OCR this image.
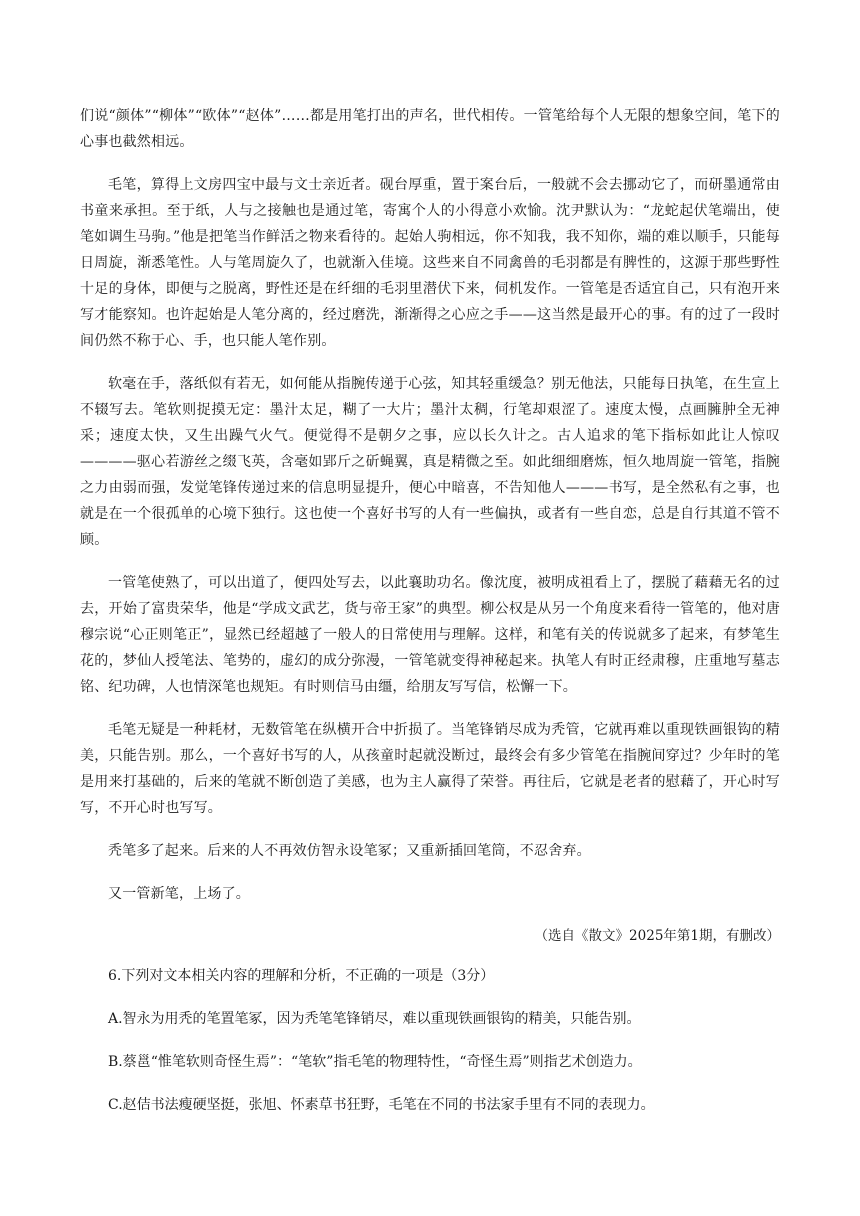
们说“颜体”“柳体”“欧体”“赵体”……都是用笔打出的声名，世代相传。一管笔给每个人无限的想象空间，笔下的心事也截然相远。

毛笔，算得上文房四宝中最与文士亲近者。砚台厚重，置于案台后，一般就不会去挪动它了，而研墨通常由书童来承担。至于纸，人与之接触也是通过笔，寄寓个人的小得意小欢愉。沈尹默认为：“龙蛇起伏笔端出，使笔如调生马驹。”他是把笔当作鲜活之物来看待的。起始人驹相远，你不知我，我不知你，端的难以顺手，只能每日周旋，渐悉笔性。人与笔周旋久了，也就渐入佳境。这些来自不同禽兽的毛羽都是有脾性的，这源于那些野性十足的身体，即便与之脱离，野性还是在纤细的毛羽里潜伏下来，伺机发作。一管笔是否适宜自己，只有泡开来写才能察知。也许起始是人笔分离的，经过磨洗，渐渐得之心应之手——这当然是最开心的事。有的过了一段时间仍然不称于心、手，也只能人笔作别。

软毫在手，落纸似有若无，如何能从指腕传递于心弦，知其轻重缓急？别无他法，只能每日执笔，在生宣上不辍写去。笔软则捉摸无定：墨汁太足，糊了一大片；墨汁太稠，行笔却艰涩了。速度太慢，点画臃肿全无神采；速度太快，又生出躁气火气。便觉得不是朝夕之事，应以长久计之。古人追求的笔下指标如此让人惊叹————驱心若游丝之缀飞英，含毫如郢斤之斫蝇翼，真是精微之至。如此细细磨炼，恒久地周旋一管笔，指腕之力由弱而强，发觉笔锋传递过来的信息明显提升，便心中暗喜，不告知他人———书写，是全然私有之事，也就是在一个很孤单的心境下独行。这也使一个喜好书写的人有一些偏执，或者有一些自恋，总是自行其道不管不顾。

一管笔使熟了，可以出道了，便四处写去，以此襄助功名。像沈度，被明成祖看上了，摆脱了藉藉无名的过去，开始了富贵荣华，他是“学成文武艺，货与帝王家”的典型。柳公权是从另一个角度来看待一管笔的，他对唐穆宗说“心正则笔正”，显然已经超越了一般人的日常使用与理解。这样，和笔有关的传说就多了起来，有梦笔生花的，梦仙人授笔法、笔势的，虚幻的成分弥漫，一管笔就变得神秘起来。执笔人有时正经肃穆，庄重地写墓志铭、纪功碑，人也情深笔也规矩。有时则信马由缰，给朋友写写信，松懈一下。

毛笔无疑是一种耗材，无数管笔在纵横开合中折损了。当笔锋销尽成为秃管，它就再难以重现铁画银钩的精美，只能告别。那么，一个喜好书写的人，从孩童时起就没断过，最终会有多少管笔在指腕间穿过？少年时的笔是用来打基础的，后来的笔就不断创造了美感，也为主人赢得了荣誉。再往后，它就是老者的慰藉了，开心时写写，不开心时也写写。

秃笔多了起来。后来的人不再效仿智永设笔冢；又重新插回笔筒，不忍舍弃。

又一管新笔，上场了。

（选自《散文》2025年第1期，有删改）

6.下列对文本相关内容的理解和分析，不正确的一项是（3分）

A.智永为用秃的笔置笔冢，因为秃笔笔锋销尽，难以重现铁画银钩的精美，只能告别。

B.蔡邕“惟笔软则奇怪生焉”：“笔软”指毛笔的物理特性，“奇怪生焉”则指艺术创造力。

C.赵佶书法瘦硬坚挺，张旭、怀素草书狂野，毛笔在不同的书法家手里有不同的表现力。
